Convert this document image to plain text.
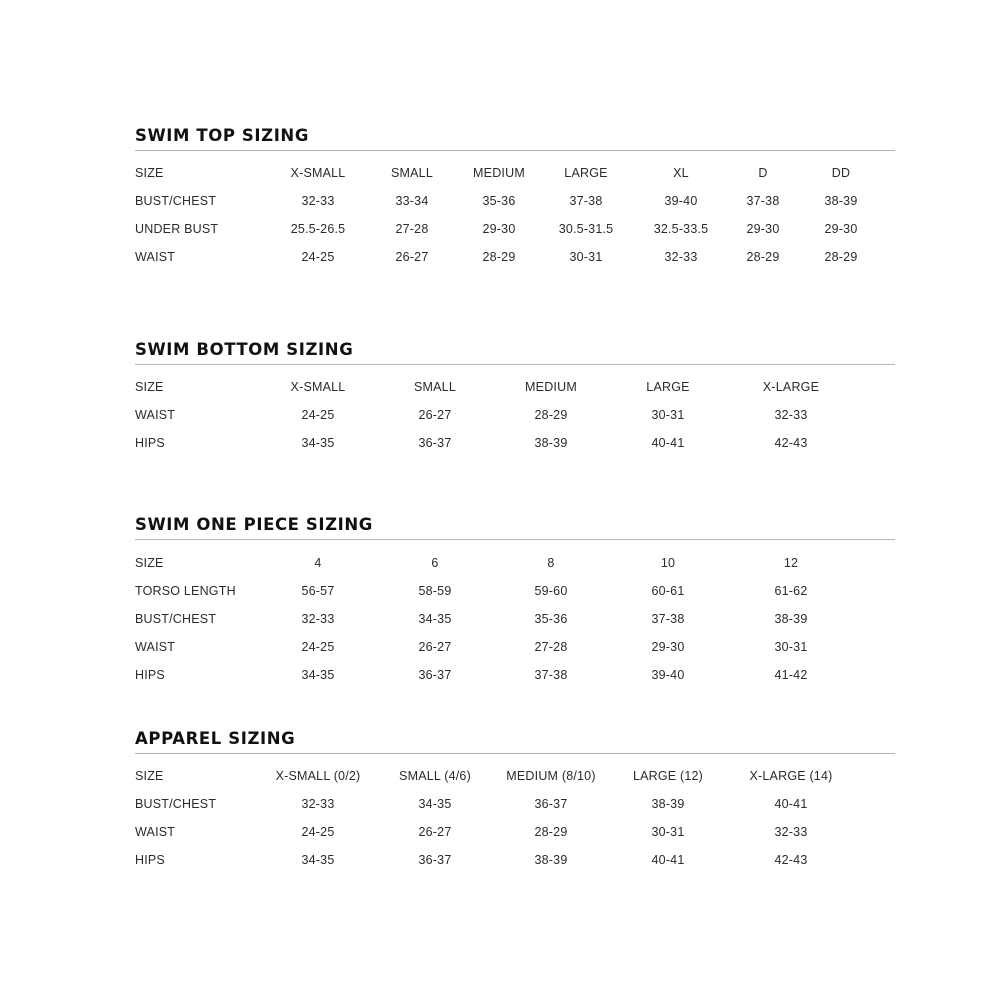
SWIM TOP SIZING
SIZE	X-SMALL	SMALL	MEDIUM	LARGE	XL	D	DD
BUST/CHEST	32-33	33-34	35-36	37-38	39-40	37-38	38-39
UNDER BUST	25.5-26.5	27-28	29-30	30.5-31.5	32.5-33.5	29-30	29-30
WAIST	24-25	26-27	28-29	30-31	32-33	28-29	28-29
SWIM BOTTOM SIZING
SIZE	X-SMALL	SMALL	MEDIUM	LARGE	X-LARGE
WAIST	24-25	26-27	28-29	30-31	32-33
HIPS	34-35	36-37	38-39	40-41	42-43
SWIM ONE PIECE SIZING
SIZE	4	6	8	10	12
TORSO LENGTH	56-57	58-59	59-60	60-61	61-62
BUST/CHEST	32-33	34-35	35-36	37-38	38-39
WAIST	24-25	26-27	27-28	29-30	30-31
HIPS	34-35	36-37	37-38	39-40	41-42
APPAREL SIZING
SIZE	X-SMALL (0/2)	SMALL (4/6)	MEDIUM (8/10)	LARGE (12)	X-LARGE (14)
BUST/CHEST	32-33	34-35	36-37	38-39	40-41
WAIST	24-25	26-27	28-29	30-31	32-33
HIPS	34-35	36-37	38-39	40-41	42-43
